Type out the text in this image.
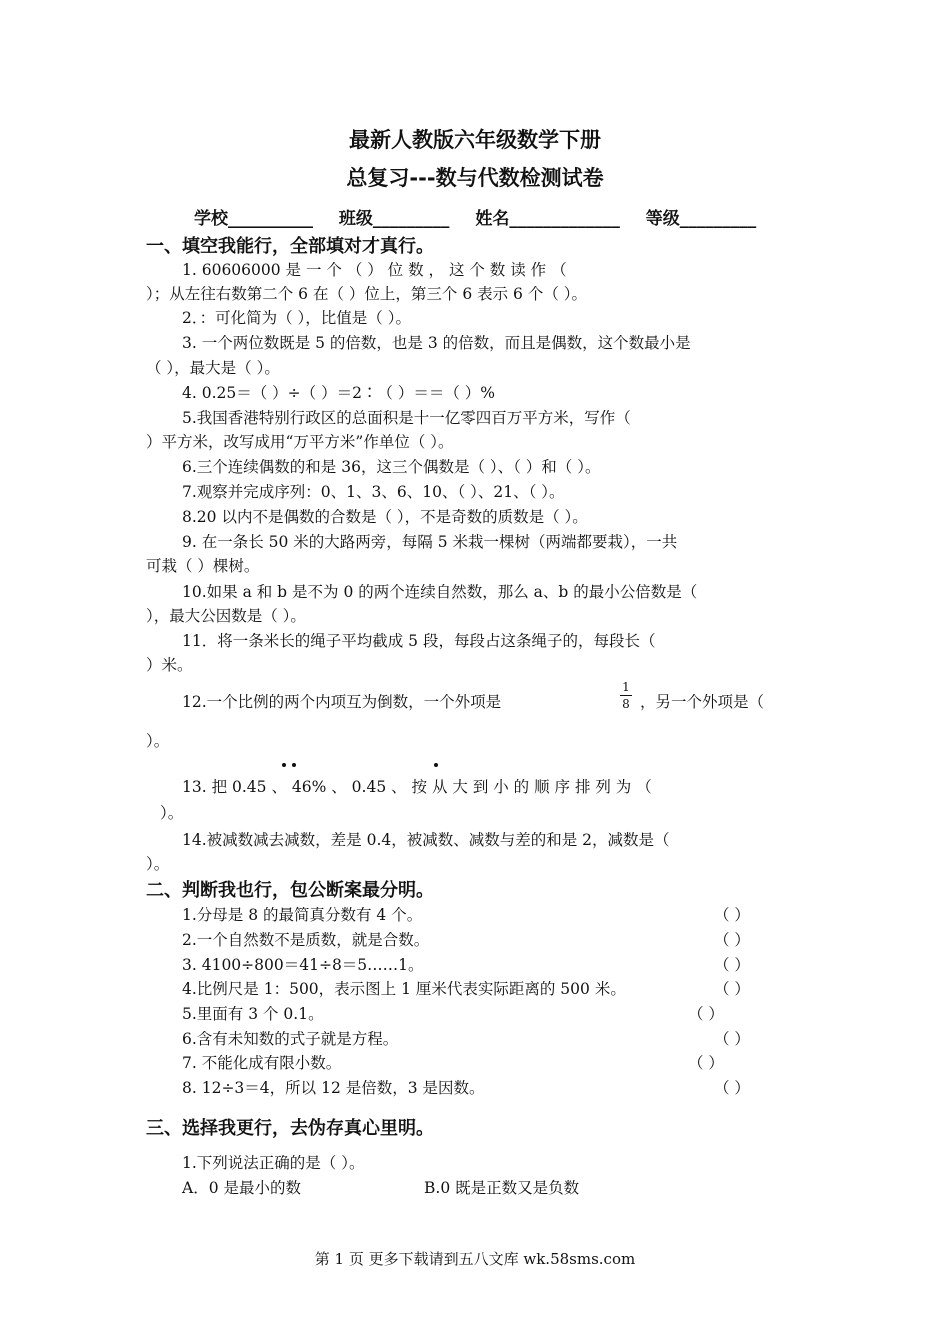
最新人教版六年级数学下册
总复习---数与代数检测试卷
学校__________ 班级_________ 姓名_____________ 等级_________
一、填空我能行，全部填对才真行。
1. 60606000 是 一 个 （ ） 位 数 ， 这 个 数 读 作 （
）；从左往右数第二个 6 在（ ）位上，第三个 6 表示 6 个（ ）。
2．：可化简为（ ），比值是（ ）。
3. 一个两位数既是 5 的倍数，也是 3 的倍数，而且是偶数，这个数最小是
（ ），最大是（ ）。
4. 0.25＝（ ）÷（ ）＝2∶（ ）＝＝（ ）%
5.我国香港特别行政区的总面积是十一亿零四百万平方米，写作（
）平方米，改写成用“万平方米”作单位（ ）。
6.三个连续偶数的和是 36，这三个偶数是（ ）、（ ）和（ ）。
7.观察并完成序列：0、1、3、6、10、（ ）、21、（ ）。
8.20 以内不是偶数的合数是（ ），不是奇数的质数是（ ）。
9. 在一条长 50 米的大路两旁，每隔 5 米栽一棵树（两端都要栽），一共
可栽（ ）棵树。
10.如果 a 和 b 是不为 0 的两个连续自然数，那么 a、b 的最小公倍数是（
），最大公因数是（ ）。
11．将一条米长的绳子平均截成 5 段，每段占这条绳子的，每段长（
）米。
12.一个比例的两个内项互为倒数，一个外项是
1
8 ，另一个外项是（
）。
13. 把 0.45 、 46% 、 0.45 、 按 从 大 到 小 的 顺 序 排 列 为 （
）。
14.被减数减去减数，差是 0.4，被减数、减数与差的和是 2，减数是（
）。
二、判断我也行，包公断案最分明。
1.分母是 8 的最简真分数有 4 个。	（ ）
2.一个自然数不是质数，就是合数。	（ ）
3. 4100÷800＝41÷8＝5……1。	（ ）
4.比例尺是 1：500，表示图上 1 厘米代表实际距离的 500 米。	（ ）
5.里面有 3 个 0.1。	（ ）
6.含有未知数的式子就是方程。	（ ）
7. 不能化成有限小数。	（ ）
8. 12÷3＝4，所以 12 是倍数，3 是因数。	（ ）
三、选择我更行，去伪存真心里明。
1.下列说法正确的是（ ）。
A．0 是最小的数	B.0 既是正数又是负数
第 1 页 更多下载请到五八文库 wk.58sms.com
